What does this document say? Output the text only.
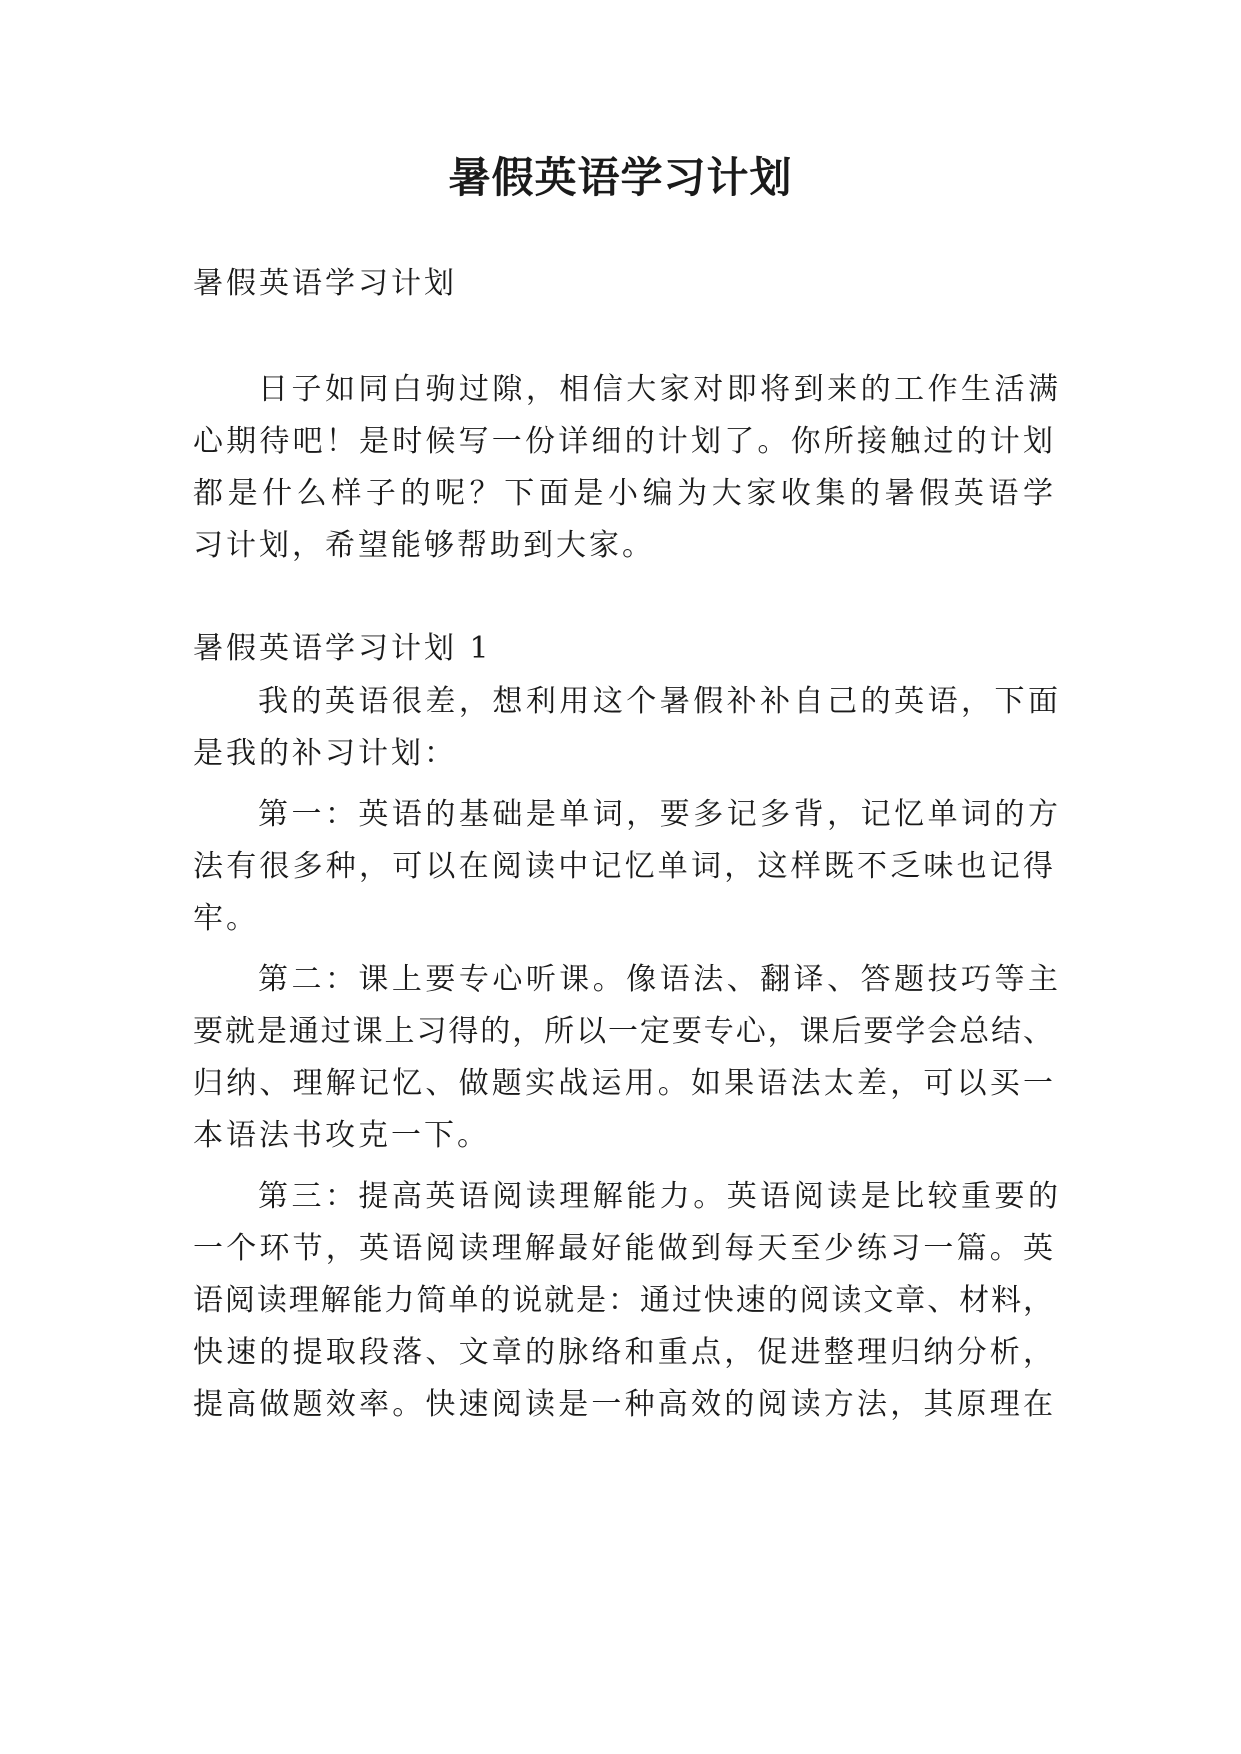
暑假英语学习计划

暑假英语学习计划

日子如同白驹过隙，相信大家对即将到来的工作生活满

心期待吧！是时候写一份详细的计划了。你所接触过的计划

都是什么样子的呢？下面是小编为大家收集的暑假英语学

习计划，希望能够帮助到大家。

暑假英语学习计划 1

我的英语很差，想利用这个暑假补补自己的英语，下面

是我的补习计划：

第一：英语的基础是单词，要多记多背，记忆单词的方

法有很多种，可以在阅读中记忆单词，这样既不乏味也记得

牢。

第二：课上要专心听课。像语法、翻译、答题技巧等主

要就是通过课上习得的，所以一定要专心，课后要学会总结、

归纳、理解记忆、做题实战运用。如果语法太差，可以买一

本语法书攻克一下。

第三：提高英语阅读理解能力。英语阅读是比较重要的

一个环节，英语阅读理解最好能做到每天至少练习一篇。英

语阅读理解能力简单的说就是：通过快速的阅读文章、材料，

快速的提取段落、文章的脉络和重点，促进整理归纳分析，

提高做题效率。快速阅读是一种高效的阅读方法，其原理在
